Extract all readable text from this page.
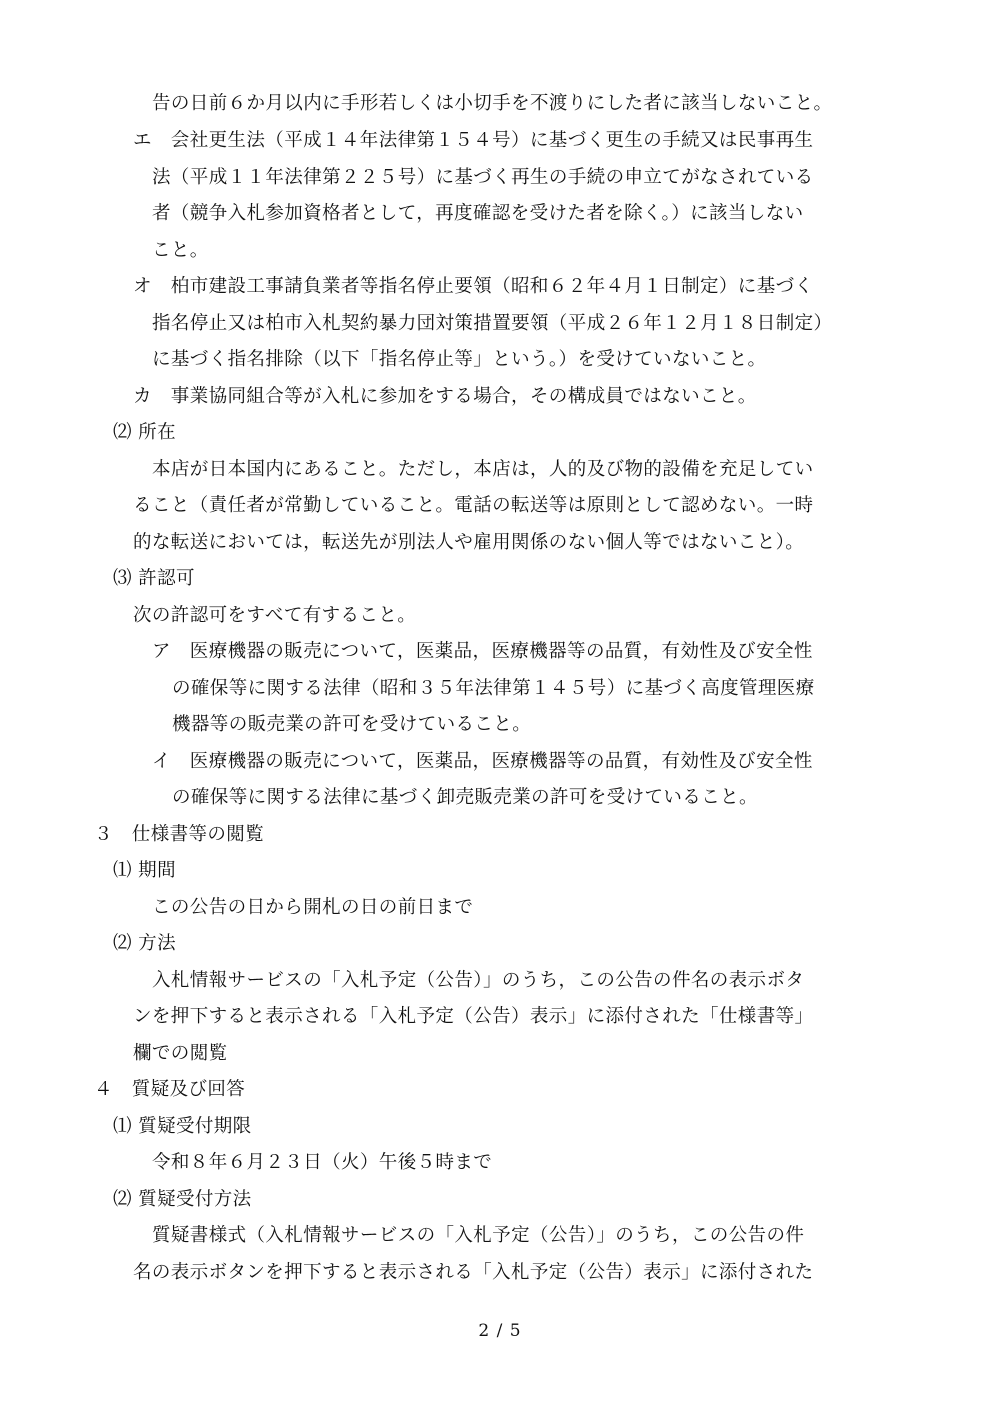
告の日前６か月以内に手形若しくは小切手を不渡りにした者に該当しないこと。
エ　会社更生法（平成１４年法律第１５４号）に基づく更生の手続又は民事再生
法（平成１１年法律第２２５号）に基づく再生の手続の申立てがなされている
者（競争入札参加資格者として，再度確認を受けた者を除く。）に該当しない
こと。
オ　柏市建設工事請負業者等指名停止要領（昭和６２年４月１日制定）に基づく
指名停止又は柏市入札契約暴力団対策措置要領（平成２６年１２月１８日制定）
に基づく指名排除（以下「指名停止等」という。）を受けていないこと。
カ　事業協同組合等が入札に参加をする場合，その構成員ではないこと。
⑵ 所在
本店が日本国内にあること。ただし，本店は，人的及び物的設備を充足してい
ること（責任者が常勤していること。電話の転送等は原則として認めない。一時
的な転送においては，転送先が別法人や雇用関係のない個人等ではないこと）。
⑶ 許認可
次の許認可をすべて有すること。
ア　医療機器の販売について，医薬品，医療機器等の品質，有効性及び安全性
の確保等に関する法律（昭和３５年法律第１４５号）に基づく高度管理医療
機器等の販売業の許可を受けていること。
イ　医療機器の販売について，医薬品，医療機器等の品質，有効性及び安全性
の確保等に関する法律に基づく卸売販売業の許可を受けていること。
３　仕様書等の閲覧
⑴ 期間
この公告の日から開札の日の前日まで
⑵ 方法
入札情報サービスの「入札予定（公告）」のうち，この公告の件名の表示ボタ
ンを押下すると表示される「入札予定（公告）表示」に添付された「仕様書等」
欄での閲覧
４　質疑及び回答
⑴ 質疑受付期限
令和８年６月２３日（火）午後５時まで
⑵ 質疑受付方法
質疑書様式（入札情報サービスの「入札予定（公告）」のうち，この公告の件
名の表示ボタンを押下すると表示される「入札予定（公告）表示」に添付された
2 / 5
